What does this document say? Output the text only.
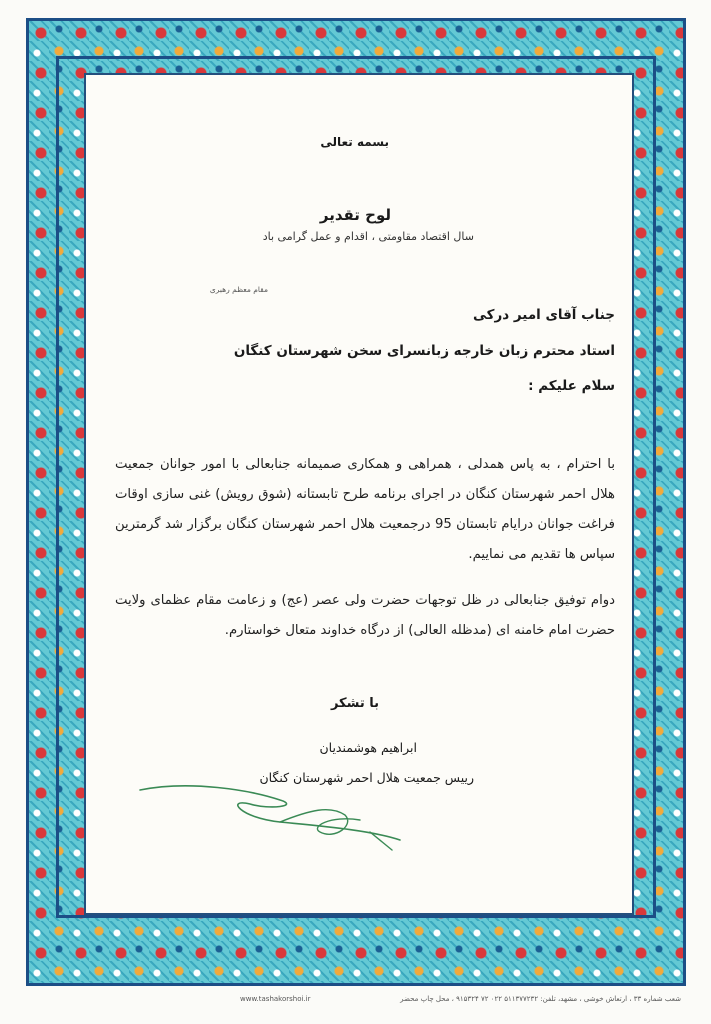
بسمه تعالی
لوح تقدیر
سال اقتصاد مقاومتی ، اقدام و عمل گرامی باد
مقام معظم رهبری
جناب آقای امیر درکی
استاد محترم زبان خارجه زبانسرای سخن شهرستان کنگان
سلام علیکم :
با احترام ، به پاس همدلی ، همراهی و همکاری صمیمانه جنابعالی با امور جوانان جمعیت هلال احمر شهرستان کنگان در اجرای برنامه طرح تابستانه (شوق رویش) غنی سازی اوقات فراغت جوانان درایام تابستان 95 درجمعیت هلال احمر شهرستان کنگان برگزار شد گرمترین سپاس ها تقدیم می نماییم.
دوام توفیق جنابعالی در ظل توجهات حضرت ولی عصر (عج) و زعامت مقام عظمای ولایت حضرت امام خامنه ای (مدظله العالی) از درگاه خداوند متعال خواستارم.
با تشکر
ابراهیم هوشمندیان
رییس جمعیت هلال احمر شهرستان کنگان
www.tashakorshoi.ir	شعب شماره ۳۳ ، ارتعاش خوشی ، مشهد، تلفن: ۵۱۱۳۷۷۲۳۲ ۰۲۲ ۷۲ ۹۱۵۳۲۴ ، محل چاپ محضر
